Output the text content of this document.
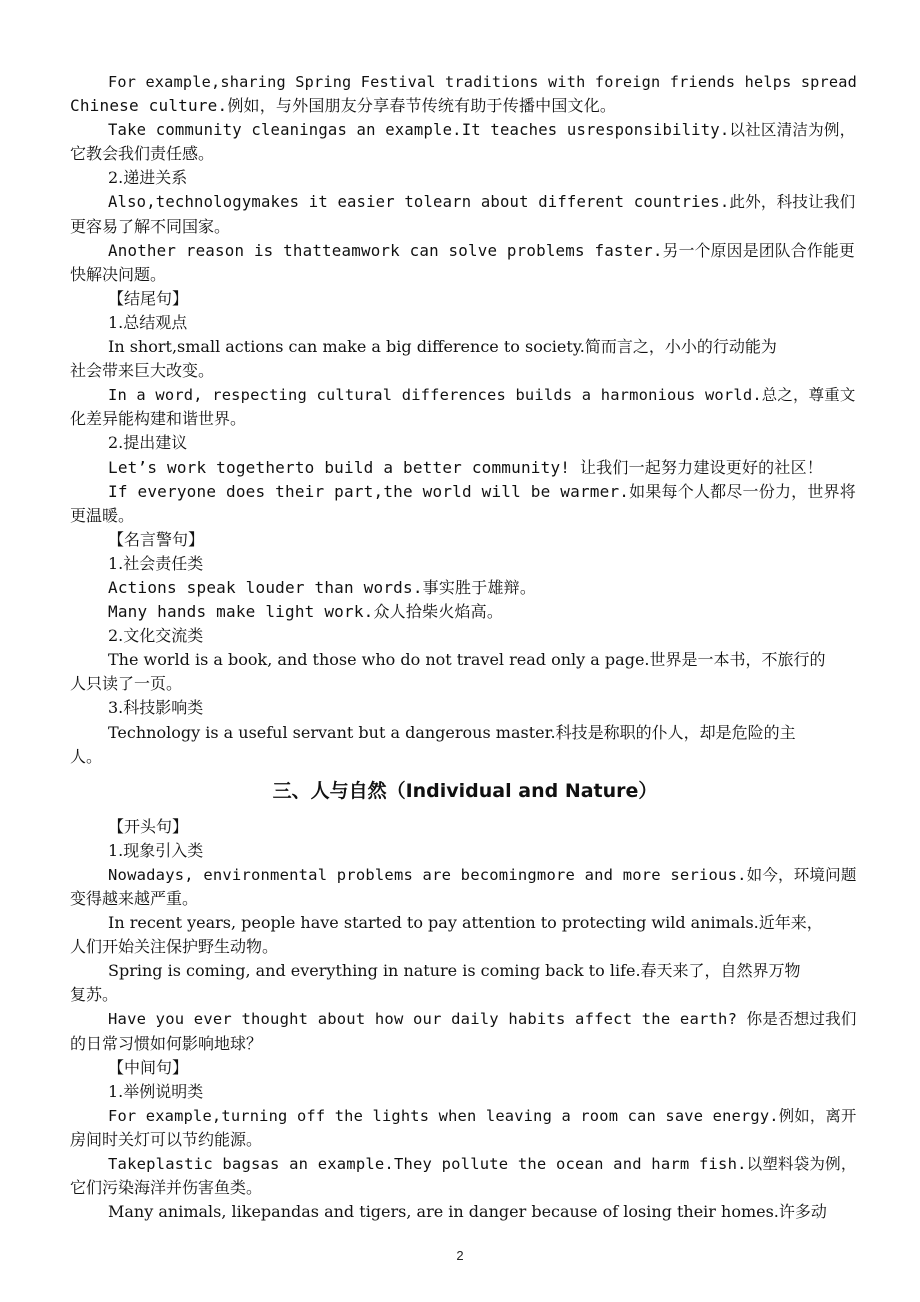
For example,sharing Spring Festival traditions with foreign friends helps spread
Chinese culture.例如，与外国朋友分享春节传统有助于传播中国文化。
Take community cleaningas an example.It teaches usresponsibility.以社区清洁为例，
它教会我们责任感。
2.递进关系
Also,technologymakes it easier tolearn about different countries.此外，科技让我们
更容易了解不同国家。
Another reason is thatteamwork can solve problems faster.另一个原因是团队合作能更
快解决问题。
【结尾句】
1.总结观点
In short,small actions can make a big difference to society.简而言之，小小的行动能为
社会带来巨大改变。
In a word, respecting cultural differences builds a harmonious world.总之，尊重文
化差异能构建和谐世界。
2.提出建议
Let’s work togetherto build a better community! 让我们一起努力建设更好的社区！
If everyone does their part,the world will be warmer.如果每个人都尽一份力，世界将
更温暖。
【名言警句】
1.社会责任类
Actions speak louder than words.事实胜于雄辩。
Many hands make light work.众人拾柴火焰高。
2.文化交流类
The world is a book, and those who do not travel read only a page.世界是一本书，不旅行的
人只读了一页。
3.科技影响类
Technology is a useful servant but a dangerous master.科技是称职的仆人，却是危险的主
人。
三、人与自然（Individual and Nature）
【开头句】
1.现象引入类
Nowadays, environmental problems are becomingmore and more serious.如今，环境问题
变得越来越严重。
In recent years, people have started to pay attention to protecting wild animals.近年来，
人们开始关注保护野生动物。
Spring is coming, and everything in nature is coming back to life.春天来了，自然界万物
复苏。
Have you ever thought about how our daily habits affect the earth? 你是否想过我们
的日常习惯如何影响地球？
【中间句】
1.举例说明类
For example,turning off the lights when leaving a room can save energy.例如，离开
房间时关灯可以节约能源。
Takeplastic bagsas an example.They pollute the ocean and harm fish.以塑料袋为例，
它们污染海洋并伤害鱼类。
Many animals, likepandas and tigers, are in danger because of losing their homes.许多动
2
